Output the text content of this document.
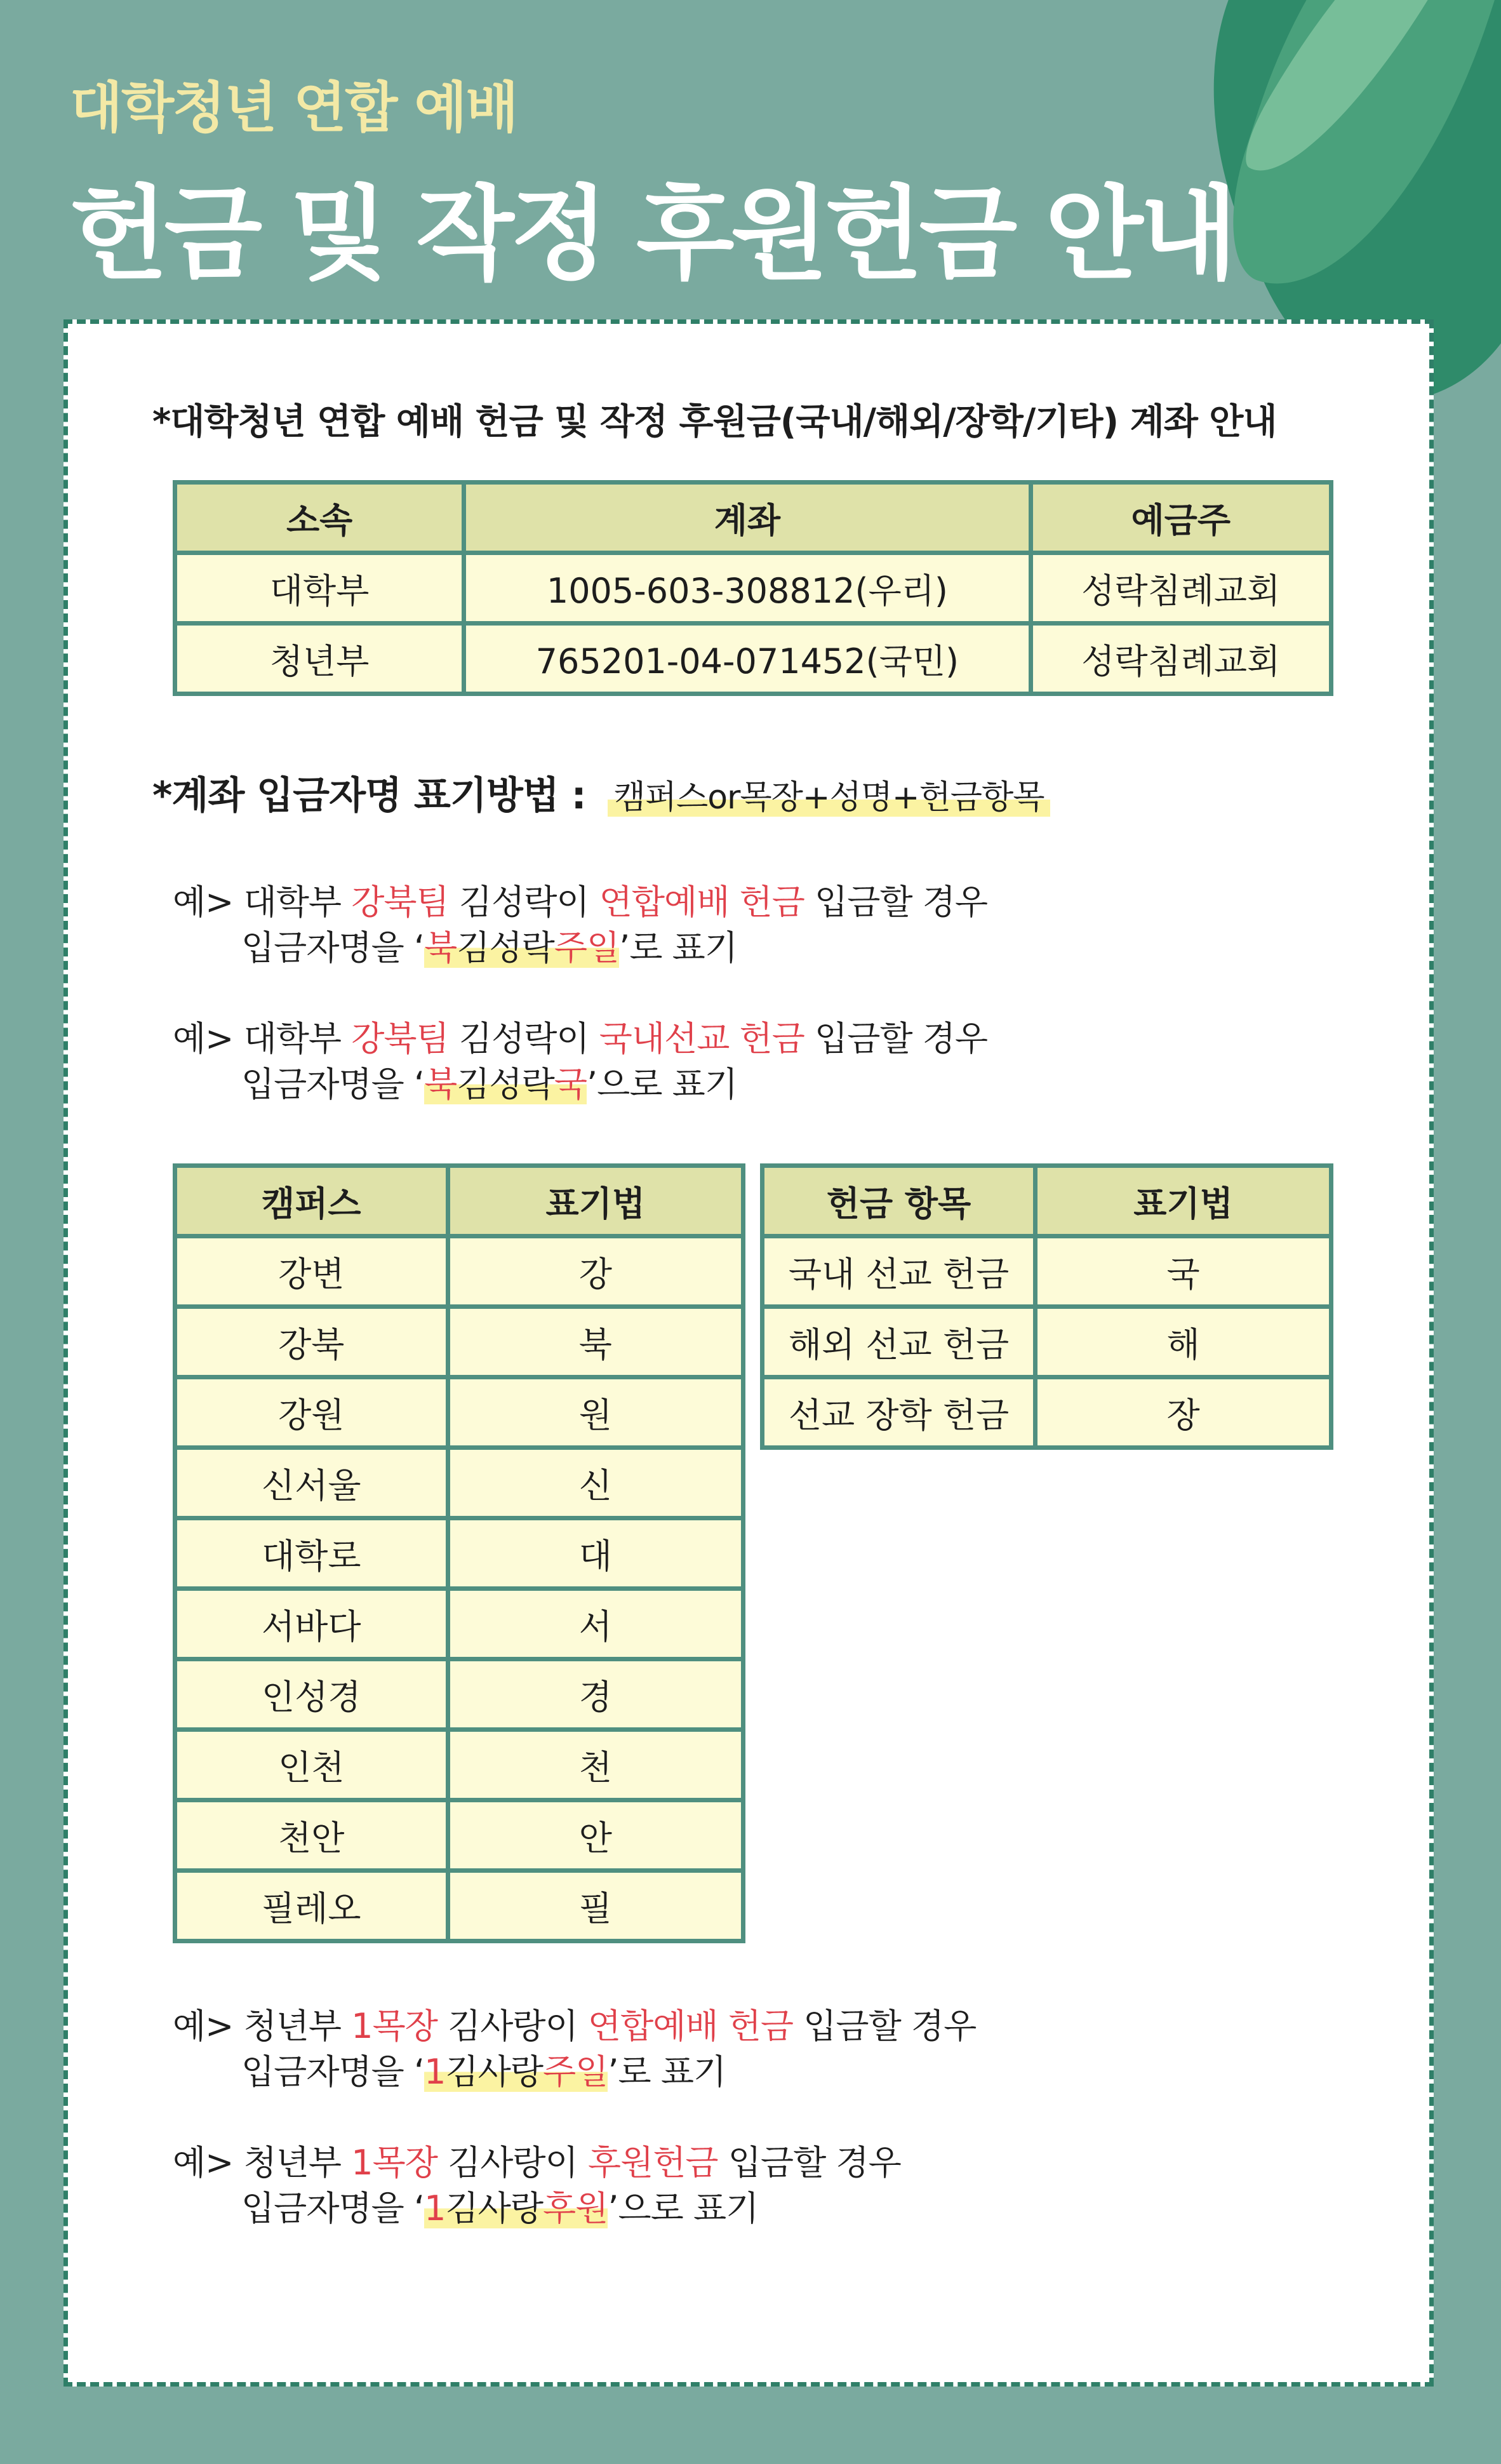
대학청년 연합 예배
헌금 및 작정 후원헌금 안내
*대학청년 연합 예배 헌금 및 작정 후원금(국내/해외/장학/기타) 계좌 안내
소속	계좌	예금주
대학부	1005-603-308812(우리)	성락침례교회
청년부	765201-04-071452(국민)	성락침례교회
*계좌 입금자명 표기방법 : 캠퍼스or목장+성명+헌금항목
예> 대학부 강북팀 김성락이 연합예배 헌금 입금할 경우
입금자명을 ‘북김성락주일’로 표기
예> 대학부 강북팀 김성락이 국내선교 헌금 입금할 경우
입금자명을 ‘북김성락국’으로 표기
캠퍼스	표기법
강변	강
강북	북
강원	원
신서울	신
대학로	대
서바다	서
인성경	경
인천	천
천안	안
필레오	필
헌금 항목	표기법
국내 선교 헌금	국
해외 선교 헌금	해
선교 장학 헌금	장
예> 청년부 1목장 김사랑이 연합예배 헌금 입금할 경우
입금자명을 ‘1김사랑주일’로 표기
예> 청년부 1목장 김사랑이 후원헌금 입금할 경우
입금자명을 ‘1김사랑후원’으로 표기
